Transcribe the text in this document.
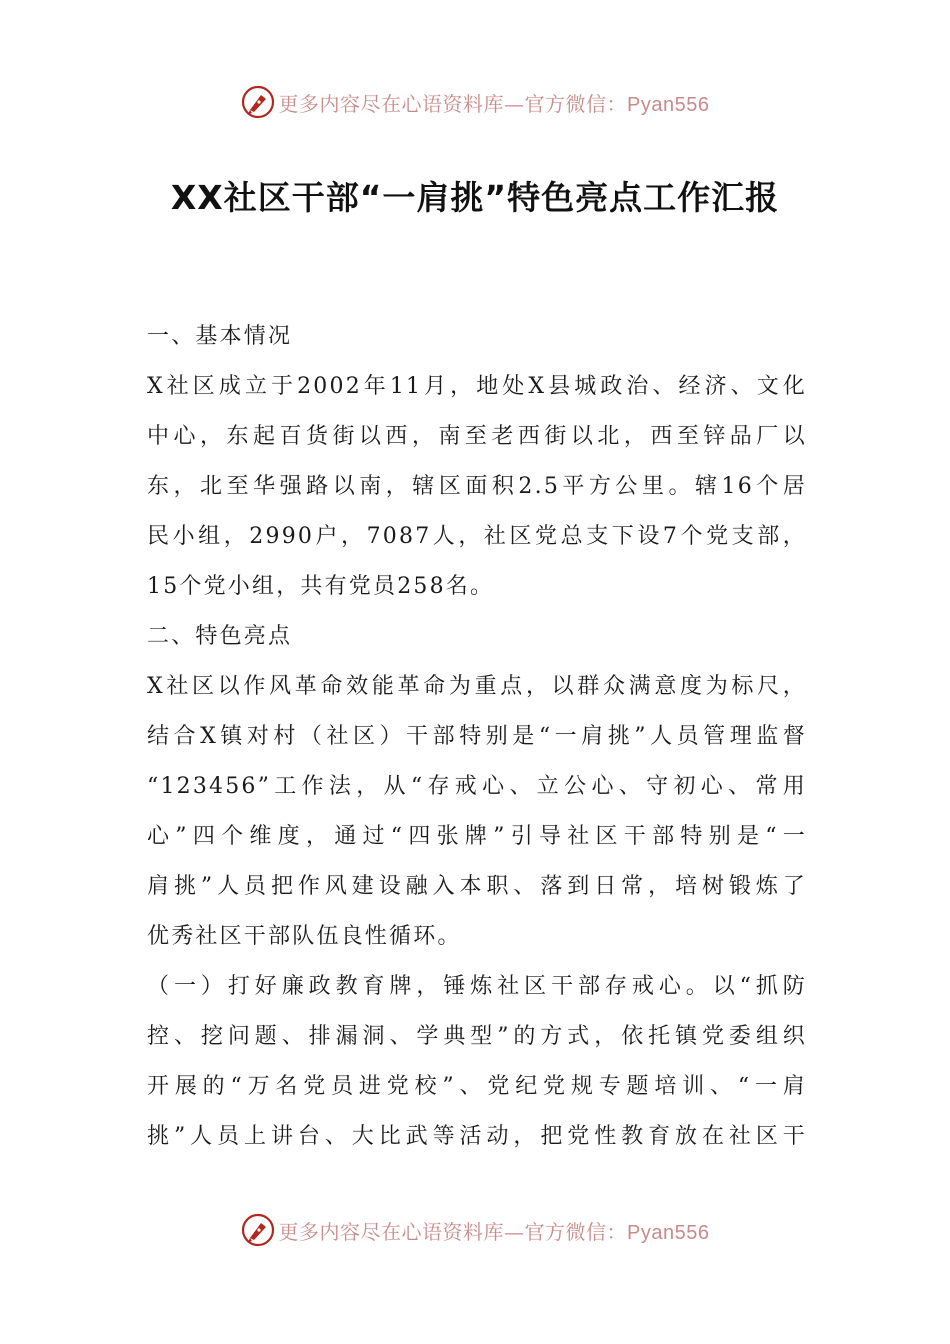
更多内容尽在心语资料库—官方微信：Pyan556
XX社区干部“一肩挑”特色亮点工作汇报
一、基本情况
X社区成立于2002年11月，地处X县城政治、经济、文化
中心，东起百货街以西，南至老西街以北，西至锌品厂以
东，北至华强路以南，辖区面积2.5平方公里。辖16个居
民小组，2990户，7087人，社区党总支下设7个党支部，
15个党小组，共有党员258名。
二、特色亮点
X社区以作风革命效能革命为重点，以群众满意度为标尺，
结合X镇对村（社区）干部特别是“一肩挑”人员管理监督
“123456”工作法，从“存戒心、立公心、守初心、常用
心”四个维度，通过“四张牌”引导社区干部特别是“一
肩挑”人员把作风建设融入本职、落到日常，培树锻炼了
优秀社区干部队伍良性循环。
（一）打好廉政教育牌，锤炼社区干部存戒心。以“抓防
控、挖问题、排漏洞、学典型”的方式，依托镇党委组织
开展的“万名党员进党校”、党纪党规专题培训、“一肩
挑”人员上讲台、大比武等活动，把党性教育放在社区干
更多内容尽在心语资料库—官方微信：Pyan556
